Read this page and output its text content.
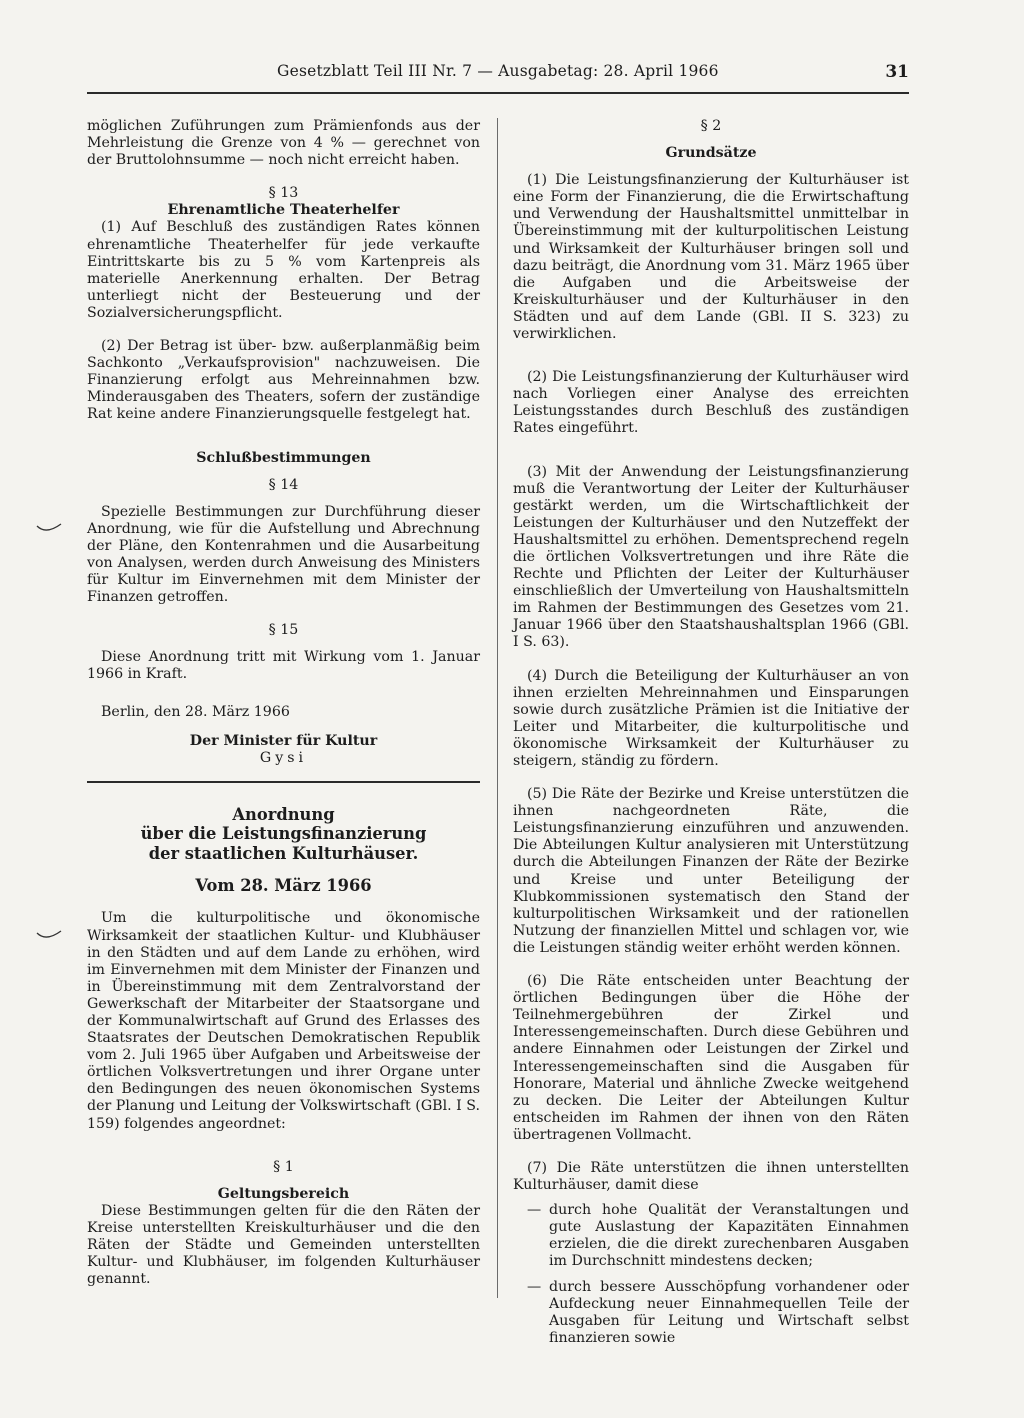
Gesetzblatt Teil III Nr. 7 — Ausgabetag: 28. April 1966	31

möglichen Zuführungen zum Prämienfonds aus der Mehrleistung die Grenze von 4 % — gerechnet von der Bruttolohnsumme — noch nicht erreicht haben.

§ 13

Ehrenamtliche Theaterhelfer

(1) Auf Beschluß des zuständigen Rates können ehrenamtliche Theaterhelfer für jede verkaufte Eintrittskarte bis zu 5 % vom Kartenpreis als materielle Anerkennung erhalten. Der Betrag unterliegt nicht der Besteuerung und der Sozialversicherungspflicht.

(2) Der Betrag ist über- bzw. außerplanmäßig beim Sachkonto „Verkaufsprovision" nachzuweisen. Die Finanzierung erfolgt aus Mehreinnahmen bzw. Minderausgaben des Theaters, sofern der zuständige Rat keine andere Finanzierungsquelle festgelegt hat.

Schlußbestimmungen

§ 14

Spezielle Bestimmungen zur Durchführung dieser Anordnung, wie für die Aufstellung und Abrechnung der Pläne, den Kontenrahmen und die Ausarbeitung von Analysen, werden durch Anweisung des Ministers für Kultur im Einvernehmen mit dem Minister der Finanzen getroffen.

§ 15

Diese Anordnung tritt mit Wirkung vom 1. Januar 1966 in Kraft.

Berlin, den 28. März 1966

Der Minister für Kultur

Gysi

Anordnung

über die Leistungsfinanzierung

der staatlichen Kulturhäuser.

Vom 28. März 1966

Um die kulturpolitische und ökonomische Wirksamkeit der staatlichen Kultur- und Klubhäuser in den Städten und auf dem Lande zu erhöhen, wird im Einvernehmen mit dem Minister der Finanzen und in Übereinstimmung mit dem Zentralvorstand der Gewerkschaft der Mitarbeiter der Staatsorgane und der Kommunalwirtschaft auf Grund des Erlasses des Staatsrates der Deutschen Demokratischen Republik vom 2. Juli 1965 über Aufgaben und Arbeitsweise der örtlichen Volksvertretungen und ihrer Organe unter den Bedingungen des neuen ökonomischen Systems der Planung und Leitung der Volkswirtschaft (GBl. I S. 159) folgendes angeordnet:

§ 1

Geltungsbereich

Diese Bestimmungen gelten für die den Räten der Kreise unterstellten Kreiskulturhäuser und die den Räten der Städte und Gemeinden unterstellten Kultur- und Klubhäuser, im folgenden Kulturhäuser genannt.

§ 2

Grundsätze

(1) Die Leistungsfinanzierung der Kulturhäuser ist eine Form der Finanzierung, die die Erwirtschaftung und Verwendung der Haushaltsmittel unmittelbar in Übereinstimmung mit der kulturpolitischen Leistung und Wirksamkeit der Kulturhäuser bringen soll und dazu beiträgt, die Anordnung vom 31. März 1965 über die Aufgaben und die Arbeitsweise der Kreiskulturhäuser und der Kulturhäuser in den Städten und auf dem Lande (GBl. II S. 323) zu verwirklichen.

(2) Die Leistungsfinanzierung der Kulturhäuser wird nach Vorliegen einer Analyse des erreichten Leistungsstandes durch Beschluß des zuständigen Rates eingeführt.

(3) Mit der Anwendung der Leistungsfinanzierung muß die Verantwortung der Leiter der Kulturhäuser gestärkt werden, um die Wirtschaftlichkeit der Leistungen der Kulturhäuser und den Nutzeffekt der Haushaltsmittel zu erhöhen. Dementsprechend regeln die örtlichen Volksvertretungen und ihre Räte die Rechte und Pflichten der Leiter der Kulturhäuser einschließlich der Umverteilung von Haushaltsmitteln im Rahmen der Bestimmungen des Gesetzes vom 21. Januar 1966 über den Staatshaushaltsplan 1966 (GBl. I S. 63).

(4) Durch die Beteiligung der Kulturhäuser an von ihnen erzielten Mehreinnahmen und Einsparungen sowie durch zusätzliche Prämien ist die Initiative der Leiter und Mitarbeiter, die kulturpolitische und ökonomische Wirksamkeit der Kulturhäuser zu steigern, ständig zu fördern.

(5) Die Räte der Bezirke und Kreise unterstützen die ihnen nachgeordneten Räte, die Leistungsfinanzierung einzuführen und anzuwenden. Die Abteilungen Kultur analysieren mit Unterstützung durch die Abteilungen Finanzen der Räte der Bezirke und Kreise und unter Beteiligung der Klubkommissionen systematisch den Stand der kulturpolitischen Wirksamkeit und der rationellen Nutzung der finanziellen Mittel und schlagen vor, wie die Leistungen ständig weiter erhöht werden können.

(6) Die Räte entscheiden unter Beachtung der örtlichen Bedingungen über die Höhe der Teilnehmergebühren der Zirkel und Interessengemeinschaften. Durch diese Gebühren und andere Einnahmen oder Leistungen der Zirkel und Interessengemeinschaften sind die Ausgaben für Honorare, Material und ähnliche Zwecke weitgehend zu decken. Die Leiter der Abteilungen Kultur entscheiden im Rahmen der ihnen von den Räten übertragenen Vollmacht.

(7) Die Räte unterstützen die ihnen unterstellten Kulturhäuser, damit diese

— durch hohe Qualität der Veranstaltungen und gute Auslastung der Kapazitäten Einnahmen erzielen, die die direkt zurechenbaren Ausgaben im Durchschnitt mindestens decken;
— durch bessere Ausschöpfung vorhandener oder Aufdeckung neuer Einnahmequellen Teile der Ausgaben für Leitung und Wirtschaft selbst finanzieren sowie
